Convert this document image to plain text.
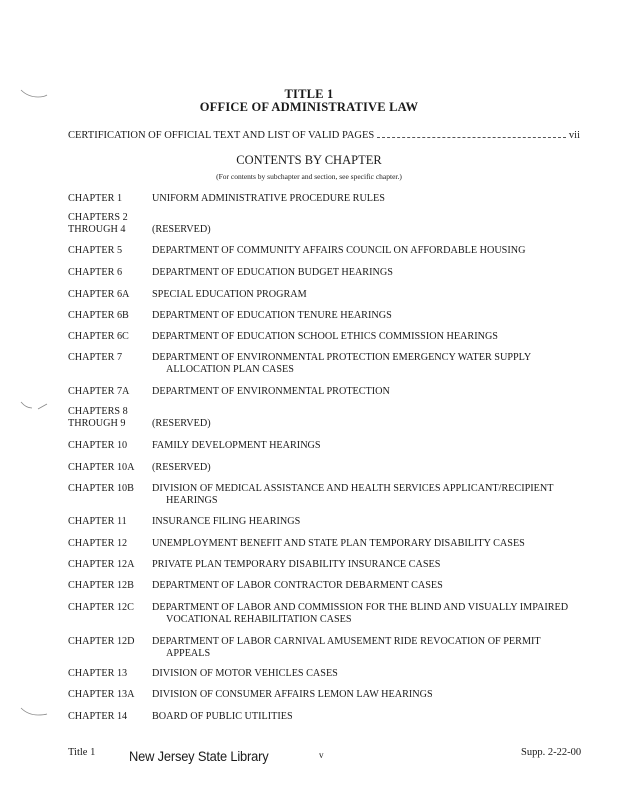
TITLE 1
OFFICE OF ADMINISTRATIVE LAW
CERTIFICATION OF OFFICIAL TEXT AND LIST OF VALID PAGES	vii
CONTENTS BY CHAPTER
(For contents by subchapter and section, see specific chapter.)
CHAPTER 1	UNIFORM ADMINISTRATIVE PROCEDURE RULES
CHAPTERS 2
THROUGH 4	(RESERVED)
CHAPTER 5	DEPARTMENT OF COMMUNITY AFFAIRS COUNCIL ON AFFORDABLE HOUSING
CHAPTER 6	DEPARTMENT OF EDUCATION BUDGET HEARINGS
CHAPTER 6A	SPECIAL EDUCATION PROGRAM
CHAPTER 6B	DEPARTMENT OF EDUCATION TENURE HEARINGS
CHAPTER 6C	DEPARTMENT OF EDUCATION SCHOOL ETHICS COMMISSION HEARINGS
CHAPTER 7	DEPARTMENT OF ENVIRONMENTAL PROTECTION EMERGENCY WATER SUPPLY
ALLOCATION PLAN CASES
CHAPTER 7A	DEPARTMENT OF ENVIRONMENTAL PROTECTION
CHAPTERS 8
THROUGH 9	(RESERVED)
CHAPTER 10	FAMILY DEVELOPMENT HEARINGS
CHAPTER 10A	(RESERVED)
CHAPTER 10B	DIVISION OF MEDICAL ASSISTANCE AND HEALTH SERVICES APPLICANT/RECIPIENT
HEARINGS
CHAPTER 11	INSURANCE FILING HEARINGS
CHAPTER 12	UNEMPLOYMENT BENEFIT AND STATE PLAN TEMPORARY DISABILITY CASES
CHAPTER 12A	PRIVATE PLAN TEMPORARY DISABILITY INSURANCE CASES
CHAPTER 12B	DEPARTMENT OF LABOR CONTRACTOR DEBARMENT CASES
CHAPTER 12C	DEPARTMENT OF LABOR AND COMMISSION FOR THE BLIND AND VISUALLY IMPAIRED
VOCATIONAL REHABILITATION CASES
CHAPTER 12D	DEPARTMENT OF LABOR CARNIVAL AMUSEMENT RIDE REVOCATION OF PERMIT
APPEALS
CHAPTER 13	DIVISION OF MOTOR VEHICLES CASES
CHAPTER 13A	DIVISION OF CONSUMER AFFAIRS LEMON LAW HEARINGS
CHAPTER 14	BOARD OF PUBLIC UTILITIES
Title 1 New Jersey State Library	v	Supp. 2-22-00
